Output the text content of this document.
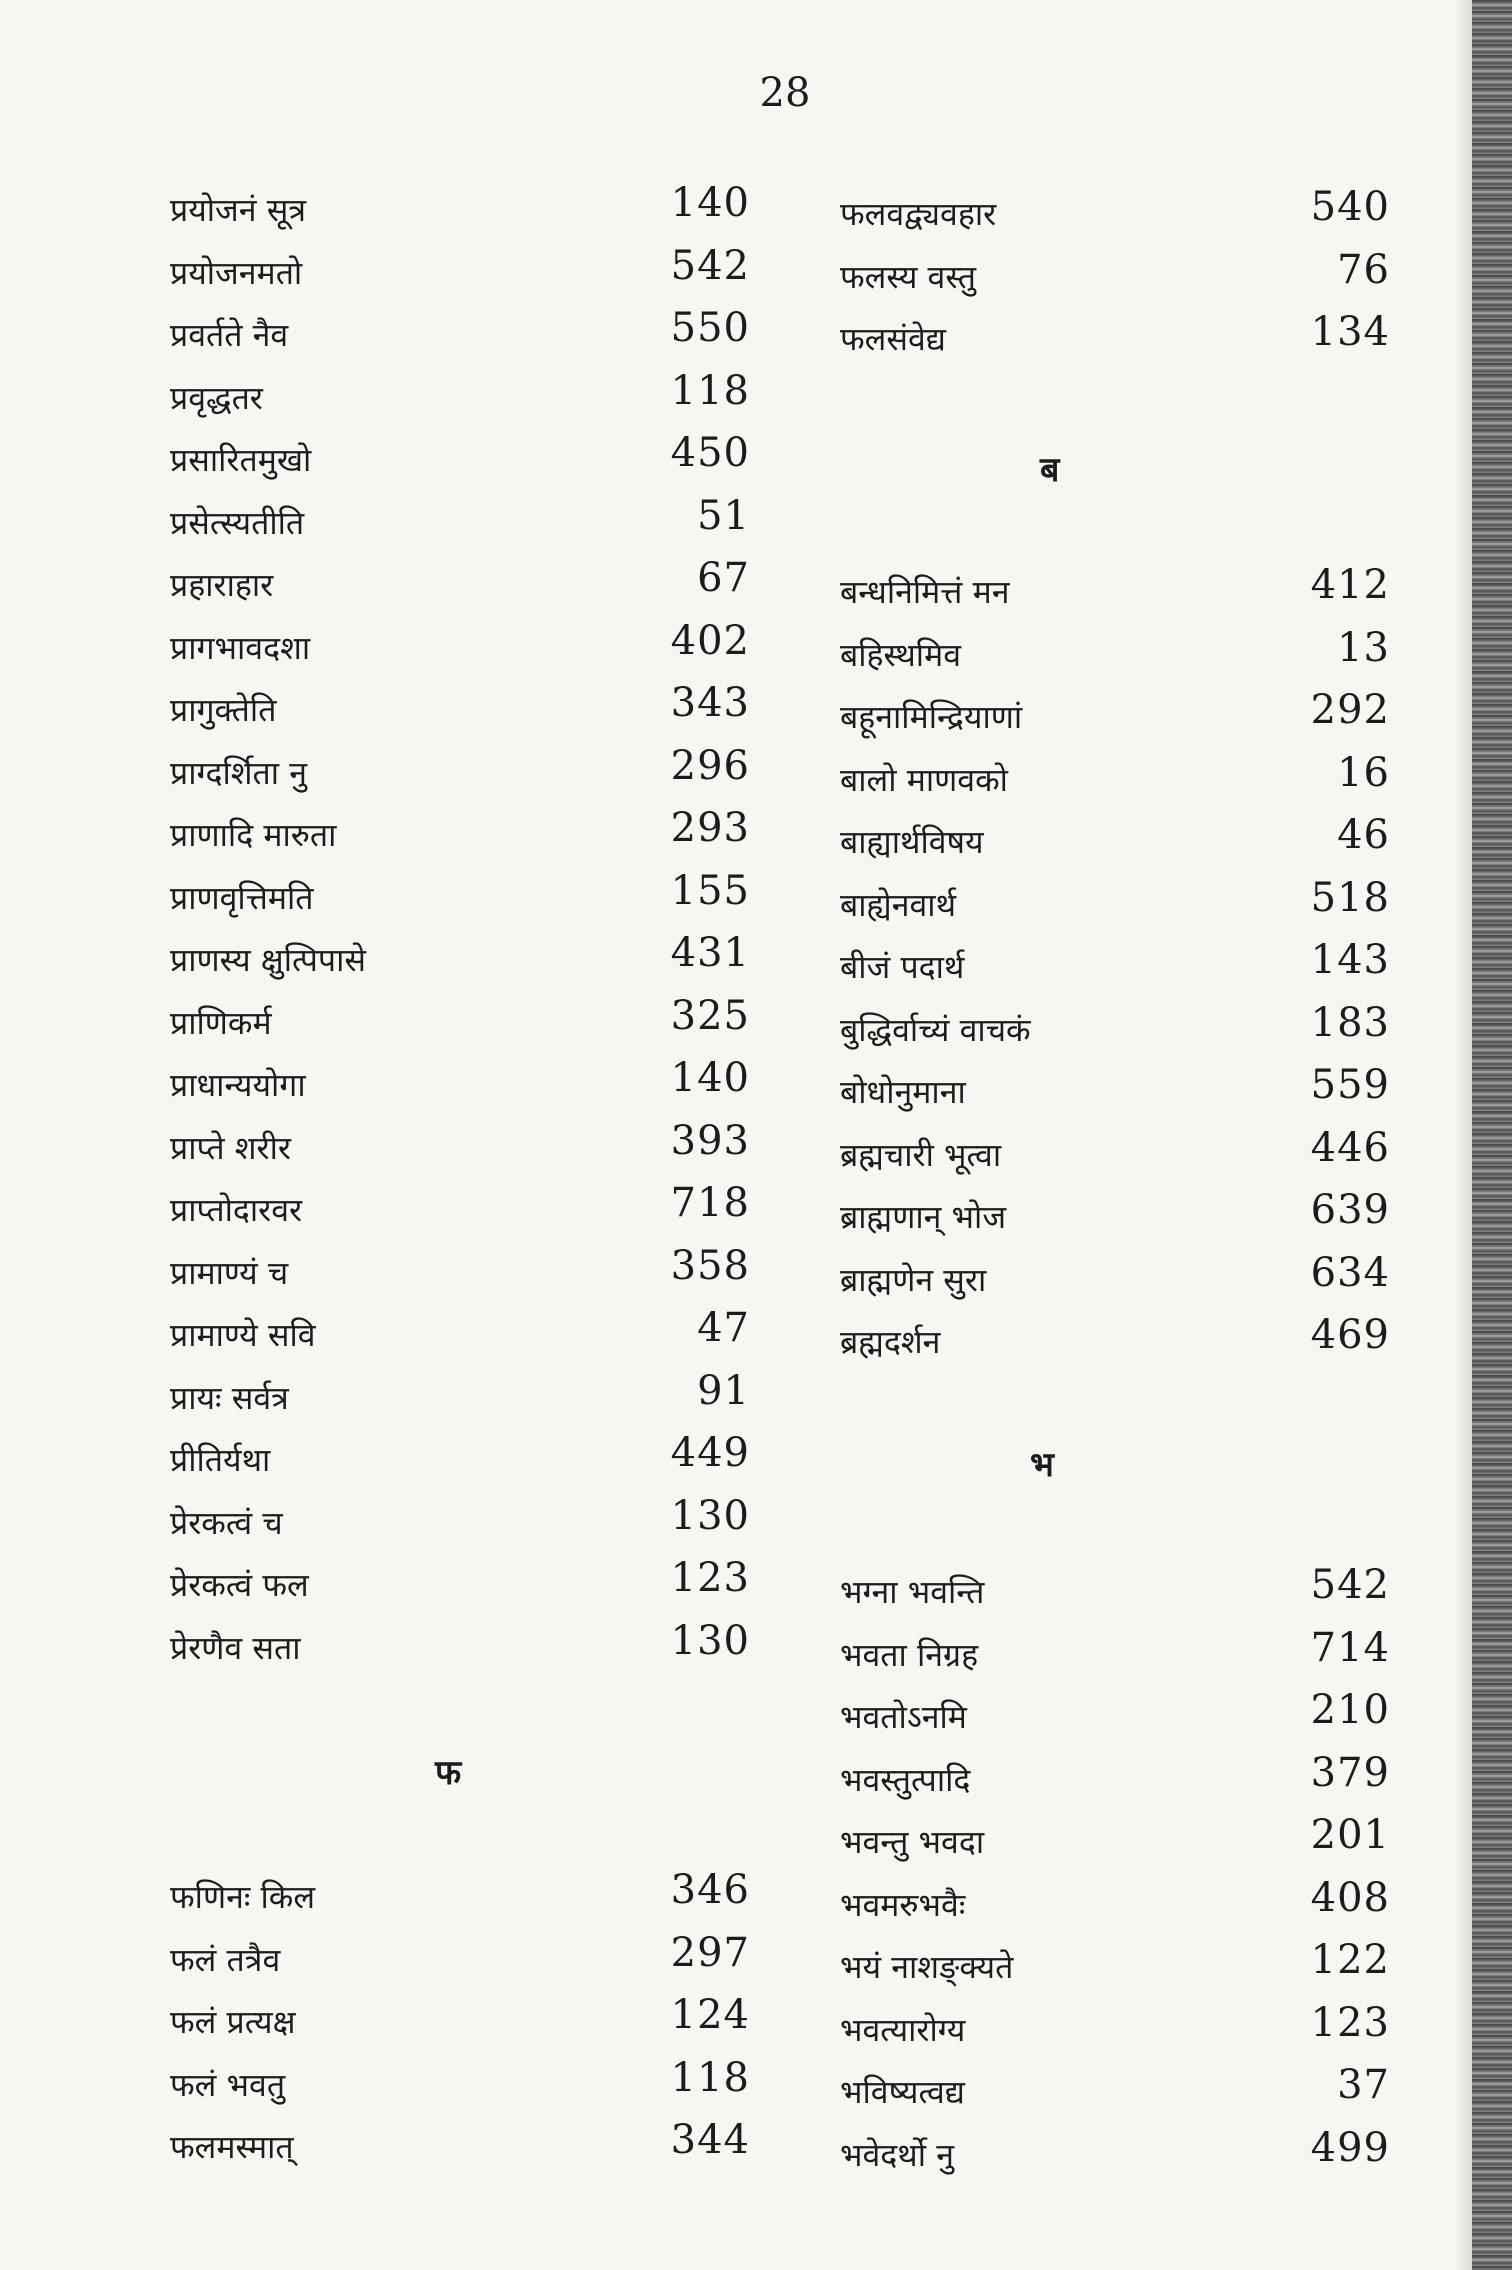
28
प्रयोजनं सूत्र	140
प्रयोजनमतो	542
प्रवर्तते नैव	550
प्रवृद्धतर	118
प्रसारितमुखो	450
प्रसेत्स्यतीति	51
प्रहाराहार	67
प्रागभावदशा	402
प्रागुक्तेति	343
प्राग्दर्शिता नु	296
प्राणादि मारुता	293
प्राणवृत्तिमति	155
प्राणस्य क्षुत्पिपासे	431
प्राणिकर्म	325
प्राधान्ययोगा	140
प्राप्ते शरीर	393
प्राप्तोदारवर	718
प्रामाण्यं च	358
प्रामाण्ये सवि	47
प्रायः सर्वत्र	91
प्रीतिर्यथा	449
प्रेरकत्वं च	130
प्रेरकत्वं फल	123
प्रेरणैव सता	130
फ
फणिनः किल	346
फलं तत्रैव	297
फलं प्रत्यक्ष	124
फलं भवतु	118
फलमस्मात्	344
फलवद्व्यवहार	540
फलस्य वस्तु	76
फलसंवेद्य	134
ब
बन्धनिमित्तं मन	412
बहिस्थमिव	13
बहूनामिन्द्रियाणां	292
बालो माणवको	16
बाह्यार्थविषय	46
बाह्येनवार्थ	518
बीजं पदार्थ	143
बुद्धिर्वाच्यं वाचकं	183
बोधोनुमाना	559
ब्रह्मचारी भूत्वा	446
ब्राह्मणान् भोज	639
ब्राह्मणेन सुरा	634
ब्रह्मदर्शन	469
भ
भग्ना भवन्ति	542
भवता निग्रह	714
भवतोऽनमि	210
भवस्तुत्पादि	379
भवन्तु भवदा	201
भवमरुभवैः	408
भयं नाशङ्क्यते	122
भवत्यारोग्य	123
भविष्यत्वद्य	37
भवेदर्थो नु	499
